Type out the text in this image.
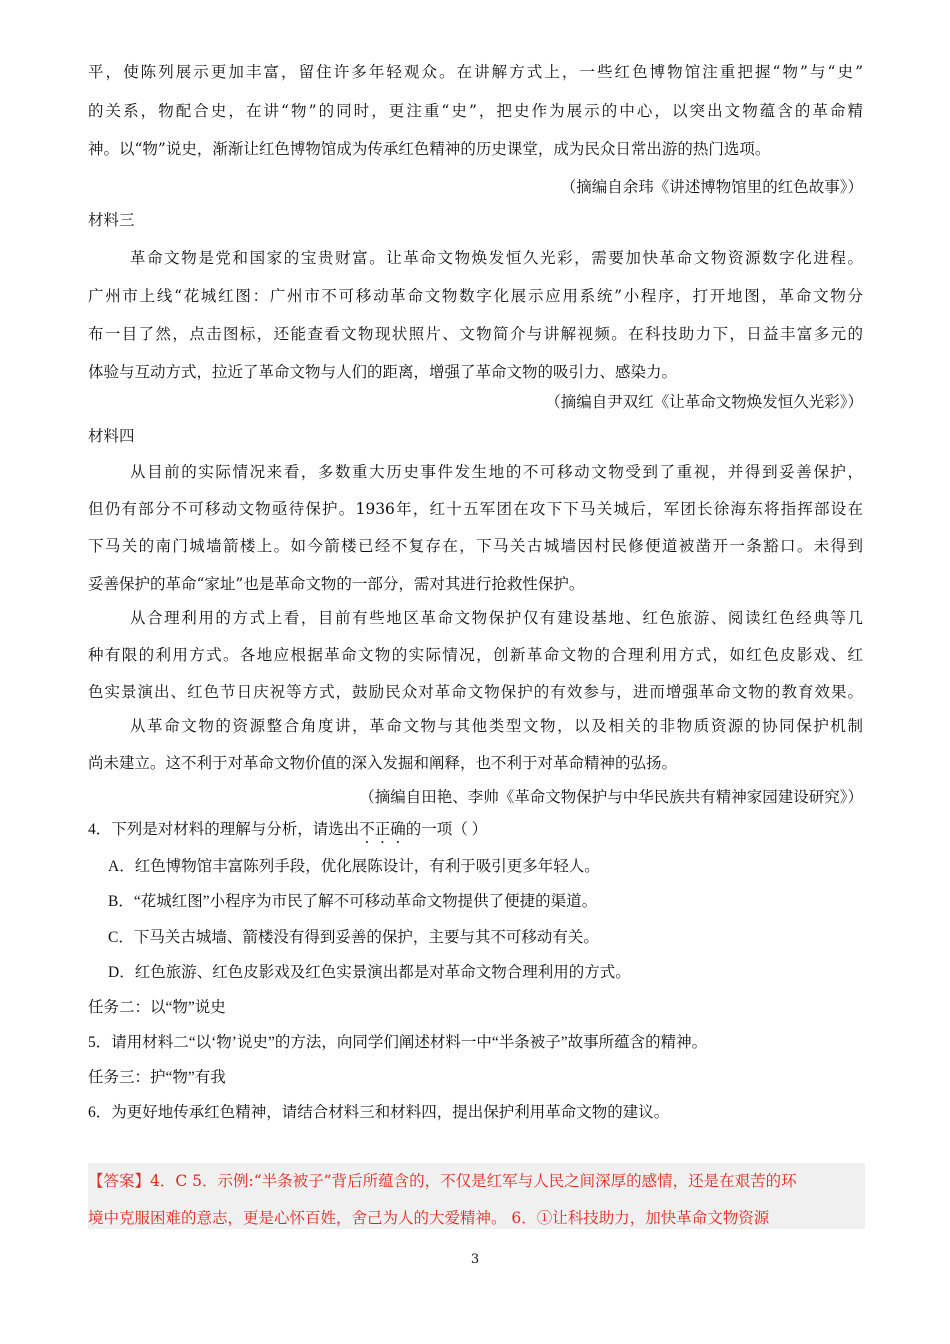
平，使陈列展示更加丰富，留住许多年轻观众。在讲解方式上，一些红色博物馆注重把握“物”与“史”
的关系，物配合史，在讲“物”的同时，更注重“史”，把史作为展示的中心，以突出文物蕴含的革命精
神。以“物”说史，渐渐让红色博物馆成为传承红色精神的历史课堂，成为民众日常出游的热门选项。
（摘编自余玮《讲述博物馆里的红色故事》）
材料三
革命文物是党和国家的宝贵财富。让革命文物焕发恒久光彩，需要加快革命文物资源数字化进程。
广州市上线“花城红图：广州市不可移动革命文物数字化展示应用系统”小程序，打开地图，革命文物分
布一目了然，点击图标，还能查看文物现状照片、文物简介与讲解视频。在科技助力下，日益丰富多元的
体验与互动方式，拉近了革命文物与人们的距离，增强了革命文物的吸引力、感染力。
（摘编自尹双红《让革命文物焕发恒久光彩》）
材料四
从目前的实际情况来看，多数重大历史事件发生地的不可移动文物受到了重视，并得到妥善保护，
但仍有部分不可移动文物亟待保护。1936年，红十五军团在攻下下马关城后，军团长徐海东将指挥部设在
下马关的南门城墙箭楼上。如今箭楼已经不复存在，下马关古城墙因村民修便道被凿开一条豁口。未得到
妥善保护的革命“家址”也是革命文物的一部分，需对其进行抢救性保护。
从合理利用的方式上看，目前有些地区革命文物保护仅有建设基地、红色旅游、阅读红色经典等几
种有限的利用方式。各地应根据革命文物的实际情况，创新革命文物的合理利用方式，如红色皮影戏、红
色实景演出、红色节日庆祝等方式，鼓励民众对革命文物保护的有效参与，进而增强革命文物的教育效果。
从革命文物的资源整合角度讲，革命文物与其他类型文物，以及相关的非物质资源的协同保护机制
尚未建立。这不利于对革命文物价值的深入发掘和阐释，也不利于对革命精神的弘扬。
（摘编自田艳、李帅《革命文物保护与中华民族共有精神家园建设研究》）
4．下列是对材料的理解与分析，请选出不正确的一项（ ）
A．红色博物馆丰富陈列手段，优化展陈设计，有利于吸引更多年轻人。
B．“花城红图”小程序为市民了解不可移动革命文物提供了便捷的渠道。
C．下马关古城墙、箭楼没有得到妥善的保护，主要与其不可移动有关。
D．红色旅游、红色皮影戏及红色实景演出都是对革命文物合理利用的方式。
任务二：以“物”说史
5．请用材料二“以‘物’说史”的方法，向同学们阐述材料一中“半条被子”故事所蕴含的精神。
任务三：护“物”有我
6．为更好地传承红色精神，请结合材料三和材料四，提出保护利用革命文物的建议。
【答案】4．C 5．示例:“半条被子”背后所蕴含的，不仅是红军与人民之间深厚的感情，还是在艰苦的环
境中克服困难的意志，更是心怀百姓，舍己为人的大爱精神。 6．①让科技助力，加快革命文物资源
3
